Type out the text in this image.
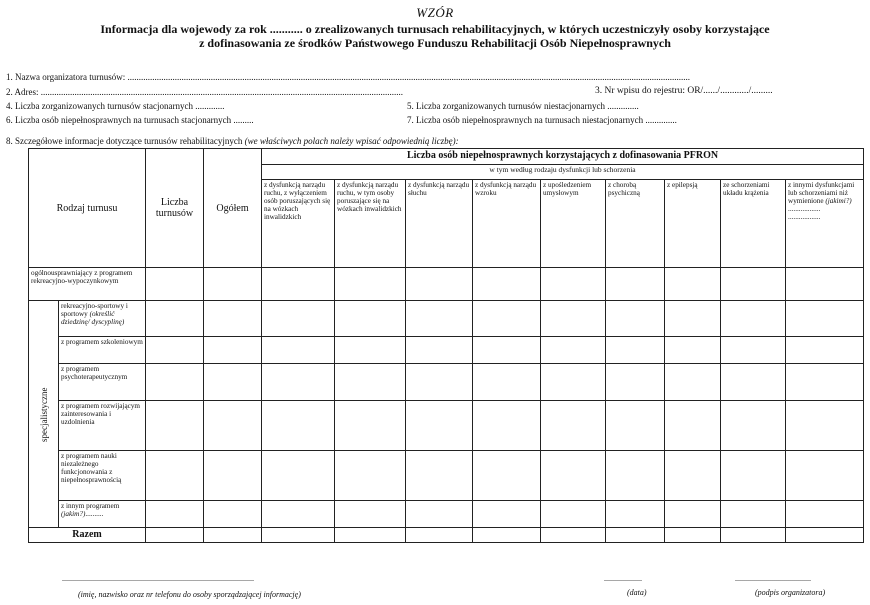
WZÓR
Informacja dla wojewody za rok ........... o zrealizowanych turnusach rehabilitacyjnych, w których uczestniczyły osoby korzystające
z dofinasowania ze środków Państwowego Funduszu Rehabilitacji Osób Niepełnosprawnych
1. Nazwa organizatora turnusów: ..........................................................................................................................................................................................................................................................
2. Adres: .................................................................................................................................................................	3. Nr wpisu do rejestru: OR/....../............/.........
4. Liczba zorganizowanych turnusów stacjonarnych .............	5. Liczba zorganizowanych turnusów niestacjonarnych ..............
6. Liczba osób niepełnosprawnych na turnusach stacjonarnych .........	7. Liczba osób niepełnosprawnych na turnusach niestacjonarnych ..............
8. Szczegółowe informacje dotyczące turnusów rehabilitacyjnych (we właściwych polach należy wpisać odpowiednią liczbę):
Rodzaj turnusu		Liczba turnusów	Ogółem	Liczba osób niepełnosprawnych korzystających z dofinasowania PFRON								
				w tym według rodzaju dysfunkcji lub schorzenia								
				z dysfunkcją narządu ruchu, z wyłączeniem osób poruszających się na wózkach inwalidzkich	z dysfunkcją narządu ruchu, w tym osoby poruszające się na wózkach inwalidzkich	z dysfunkcją narządu słuchu	z dysfunkcją narządu wzroku	z upośledzeniem umysłowym	z chorobą psychiczną	z epilepsją	ze schorzeniami układu krążenia	z innymi dysfunkcjami lub schorzeniami niż wymienione (jakimi?)
..................
..................

ogólnousprawniający z programem rekreacyjno-wypoczynkowym												
specjalistyczne	rekreacyjno-sportowy i sportowy (określić dziedzinę/ dyscyplinę)											
	z programem szkoleniowym											
	z programem psychoterapeutycznym											
	z programem rozwijającym zainteresowania i uzdolnienia											
	z programem nauki niezależnego funkcjonowania z niepełnosprawnością											
	z innym programem (jakim?)..........											
Razem												
................................................................................................	...................	......................................
(imię, nazwisko oraz nr telefonu do osoby sporządzającej informację)	(data)	(podpis organizatora)
